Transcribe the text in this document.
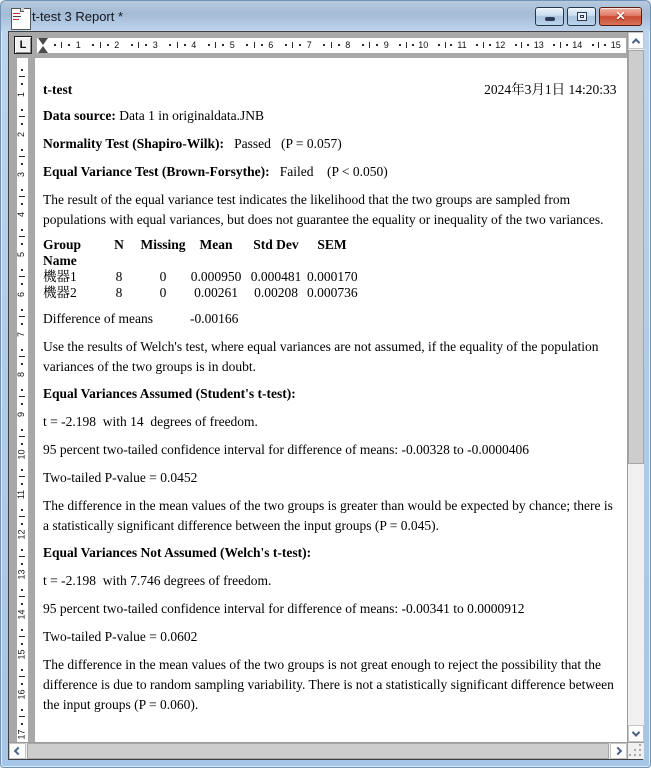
t-test 3 Report *	✕
L	1	2	3	4	5	6	7	8	9	10	11	12	13	14	15
1
2
3
4
5
6
7
8
9
10
11
12
13
14
15
16
17
t-test	2024年3月1日 14:20:33
Data source: Data 1 in originaldata.JNB
Normality Test (Shapiro-Wilk):   Passed   (P = 0.057)
Equal Variance Test (Brown-Forsythe):   Failed    (P < 0.050)
The result of the equal variance test indicates the likelihood that the two groups are sampled from populations with equal variances, but does not guarantee the equality or inequality of the two variances.
Group Name
N	Missing	Mean	Std Dev	SEM
機器1	8	0	0.000950 0.000481 0.000170
機器2	8	0	0.00261	0.00208 0.000736
Difference of means	-0.00166
Use the results of Welch's test, where equal variances are not assumed, if the equality of the population variances of the two groups is in doubt.
Equal Variances Assumed (Student's t-test):
t = -2.198  with 14  degrees of freedom.
95 percent two-tailed confidence interval for difference of means: -0.00328 to -0.0000406
Two-tailed P-value = 0.0452
The difference in the mean values of the two groups is greater than would be expected by chance; there is a statistically significant difference between the input groups (P = 0.045).
Equal Variances Not Assumed (Welch's t-test):
t = -2.198  with 7.746 degrees of freedom.
95 percent two-tailed confidence interval for difference of means: -0.00341 to 0.0000912
Two-tailed P-value = 0.0602
The difference in the mean values of the two groups is not great enough to reject the possibility that the difference is due to random sampling variability. There is not a statistically significant difference between the input groups (P = 0.060).
